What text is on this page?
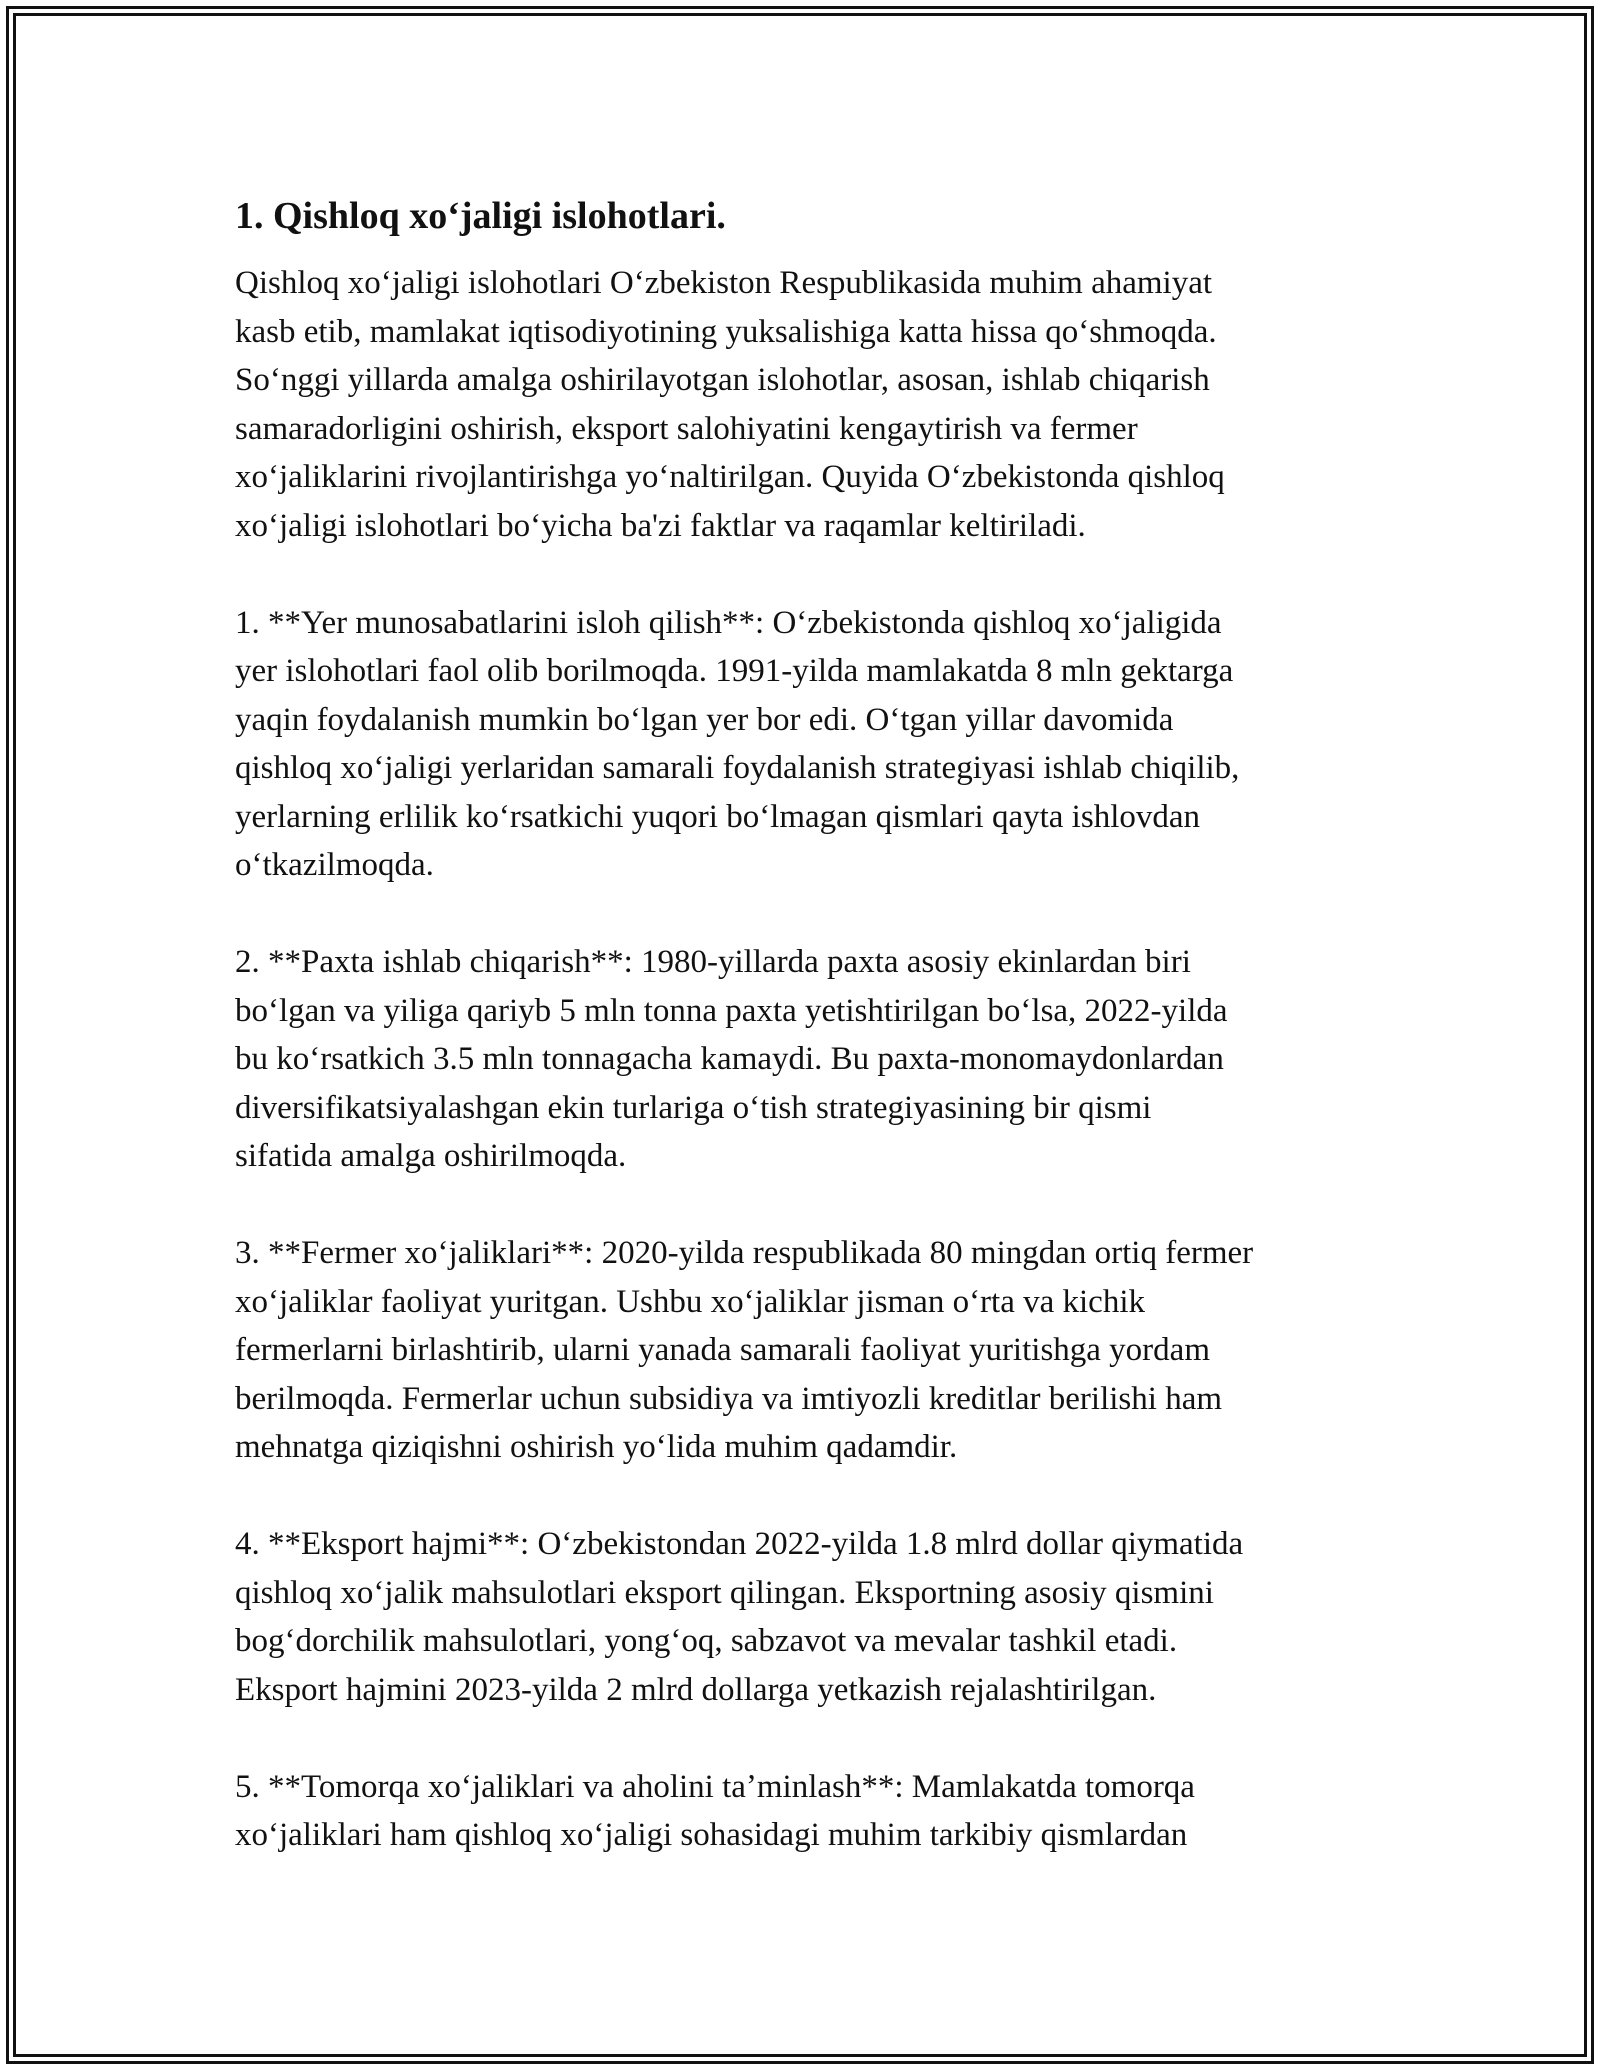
1. Qishloq xoʻjaligi islohotlari.

Qishloq xoʻjaligi islohotlari Oʻzbekiston Respublikasida muhim ahamiyat
kasb etib, mamlakat iqtisodiyotining yuksalishiga katta hissa qoʻshmoqda.
Soʻnggi yillarda amalga oshirilayotgan islohotlar, asosan, ishlab chiqarish
samaradorligini oshirish, eksport salohiyatini kengaytirish va fermer
xoʻjaliklarini rivojlantirishga yoʻnaltirilgan. Quyida Oʻzbekistonda qishloq
xoʻjaligi islohotlari boʻyicha ba'zi faktlar va raqamlar keltiriladi.

1. **Yer munosabatlarini isloh qilish**: Oʻzbekistonda qishloq xoʻjaligida
yer islohotlari faol olib borilmoqda. 1991-yilda mamlakatda 8 mln gektarga
yaqin foydalanish mumkin boʻlgan yer bor edi. Oʻtgan yillar davomida
qishloq xoʻjaligi yerlaridan samarali foydalanish strategiyasi ishlab chiqilib,
yerlarning erlilik koʻrsatkichi yuqori boʻlmagan qismlari qayta ishlovdan
oʻtkazilmoqda.

2. **Paxta ishlab chiqarish**: 1980-yillarda paxta asosiy ekinlardan biri
boʻlgan va yiliga qariyb 5 mln tonna paxta yetishtirilgan boʻlsa, 2022-yilda
bu koʻrsatkich 3.5 mln tonnagacha kamaydi. Bu paxta-monomaydonlardan
diversifikatsiyalashgan ekin turlariga oʻtish strategiyasining bir qismi
sifatida amalga oshirilmoqda.

3. **Fermer xoʻjaliklari**: 2020-yilda respublikada 80 mingdan ortiq fermer
xoʻjaliklar faoliyat yuritgan. Ushbu xoʻjaliklar jisman oʻrta va kichik
fermerlarni birlashtirib, ularni yanada samarali faoliyat yuritishga yordam
berilmoqda. Fermerlar uchun subsidiya va imtiyozli kreditlar berilishi ham
mehnatga qiziqishni oshirish yoʻlida muhim qadamdir.

4. **Eksport hajmi**: Oʻzbekistondan 2022-yilda 1.8 mlrd dollar qiymatida
qishloq xoʻjalik mahsulotlari eksport qilingan. Eksportning asosiy qismini
bogʻdorchilik mahsulotlari, yongʻoq, sabzavot va mevalar tashkil etadi.
Eksport hajmini 2023-yilda 2 mlrd dollarga yetkazish rejalashtirilgan.

5. **Tomorqa xoʻjaliklari va aholini taʼminlash**: Mamlakatda tomorqa
xoʻjaliklari ham qishloq xoʻjaligi sohasidagi muhim tarkibiy qismlardan
